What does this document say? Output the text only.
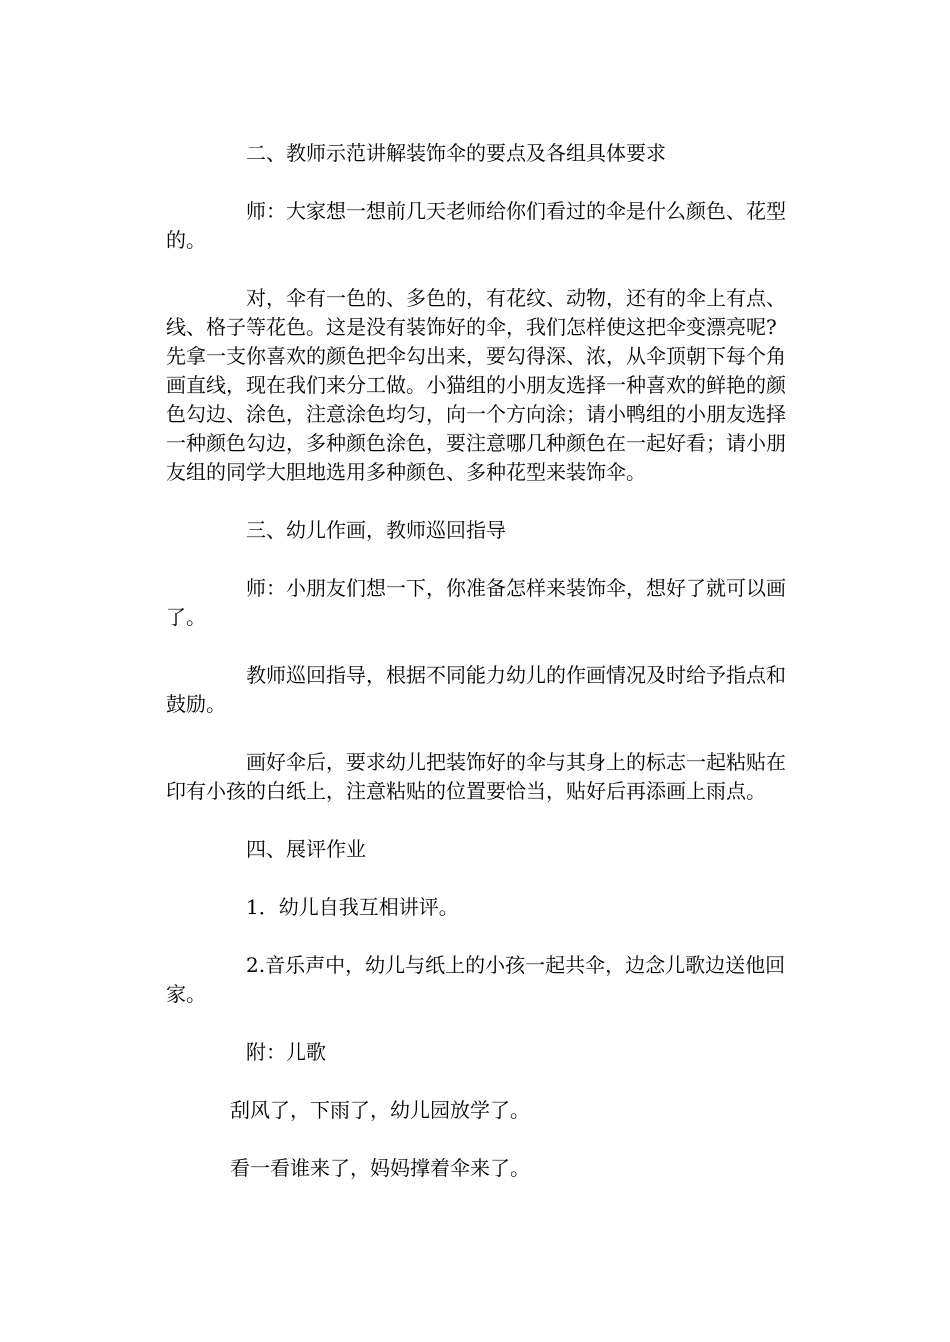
二、教师示范讲解装饰伞的要点及各组具体要求

师：大家想一想前几天老师给你们看过的伞是什么颜色、花型的。

对，伞有一色的、多色的，有花纹、动物，还有的伞上有点、线、格子等花色。这是没有装饰好的伞，我们怎样使这把伞变漂亮呢?先拿一支你喜欢的颜色把伞勾出来，要勾得深、浓，从伞顶朝下每个角画直线，现在我们来分工做。小猫组的小朋友选择一种喜欢的鲜艳的颜色勾边、涂色，注意涂色均匀，向一个方向涂；请小鸭组的小朋友选择一种颜色勾边，多种颜色涂色，要注意哪几种颜色在一起好看；请小朋友组的同学大胆地选用多种颜色、多种花型来装饰伞。

三、幼儿作画，教师巡回指导

师：小朋友们想一下，你准备怎样来装饰伞，想好了就可以画了。

教师巡回指导，根据不同能力幼儿的作画情况及时给予指点和鼓励。

画好伞后，要求幼儿把装饰好的伞与其身上的标志一起粘贴在印有小孩的白纸上，注意粘贴的位置要恰当，贴好后再添画上雨点。

四、展评作业

1．幼儿自我互相讲评。

2.音乐声中，幼儿与纸上的小孩一起共伞，边念儿歌边送他回家。

附：儿歌

刮风了，下雨了，幼儿园放学了。

看一看谁来了，妈妈撑着伞来了。
